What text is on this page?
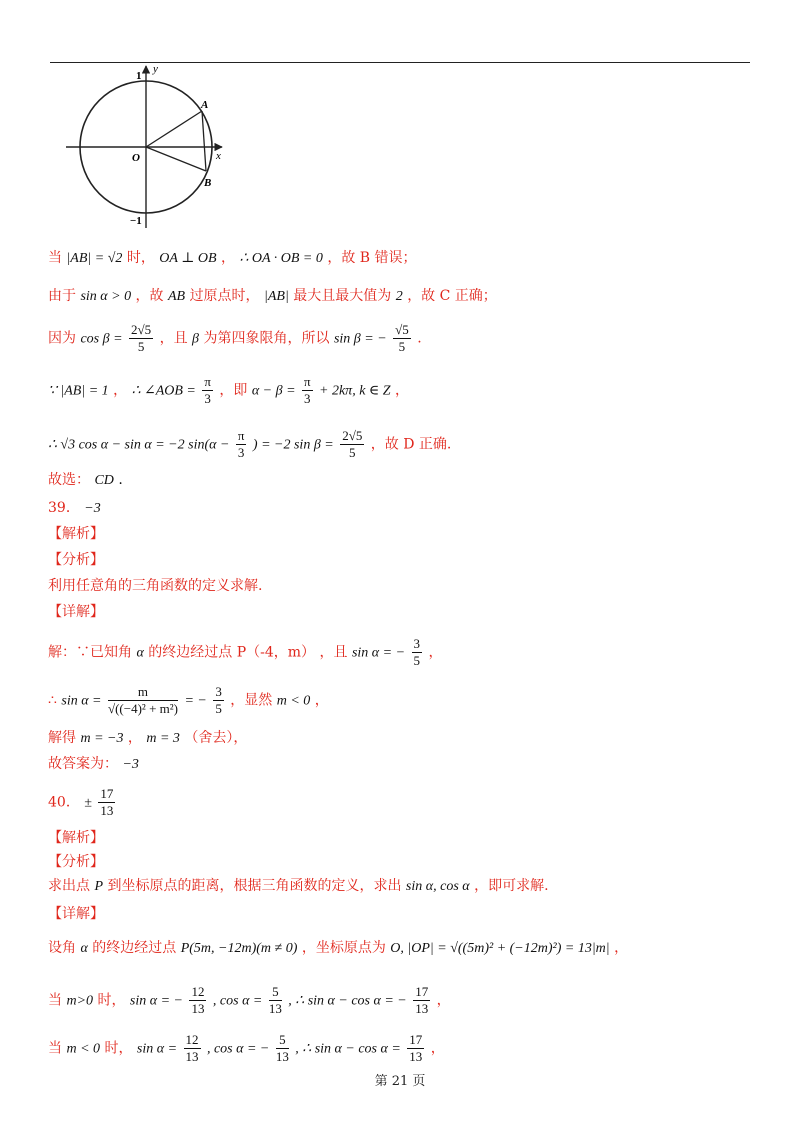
y
x
O
A
B
1
−1
当 |AB| = √2 时， OA ⊥ OB ， ∴ OA · OB = 0 ，故 B 错误；
由于 sin α > 0 ，故 AB 过原点时， |AB| 最大且最大值为 2 ，故 C 正确；
因为 $\cos \beta = \frac{2√5}{5}$ ，且 β 为第四象限角，所以 sin β = − $\frac{√5}{5}$ .
∵ |AB| = 1 ， ∴ ∠AOB = $\frac{\pi}{3}$ ，即 $\alpha - \beta = \frac{\pi}{3} + 2k\pi$, k ∈ Z ，
∴ √3 cos α − sin α = −2 $\sin(\alpha - \frac{\pi}{3}$ ) = −2 $\sin \beta = \frac{2√5}{5}$ ，故 D 正确.
故选： CD .
39． −3
【解析】
【分析】
利用任意角的三角函数的定义求解.
【详解】
解：∵已知角 α 的终边经过点 P（-4，m） ，且 sin α = − $\frac{3}{5}$ ，
∴ $\sin \alpha = \frac{m}{\text{√((−4)² + m²)}}$ = − $\frac{3}{5}$ ，显然 m < 0 ，
解得 m = −3 ， m = 3 （舍去），
故答案为： −3
40． ± $\frac{17}{13}$
【解析】
【分析】
求出点 P 到坐标原点的距离，根据三角函数的定义，求出 sin α, cos α ，即可求解.
【详解】
设角 α 的终边经过点 P(5m, −12m)(m ≠ 0) ，坐标原点为 O, |OP| = √((5m)² + (−12m)²) = 13|m| ，
当 m>0 时， sin α = − $\frac{12}{13}$ , $\cos \alpha = \frac{5}{13}$ , ∴ sin α − cos α = − $\frac{17}{13}$ ，
当 m < 0 时， $\sin \alpha = \frac{12}{13}$ , cos α = − $\frac{5}{13}$ , ∴ $\sin \alpha - \cos \alpha = \frac{17}{13}$ ，
第 21 页
